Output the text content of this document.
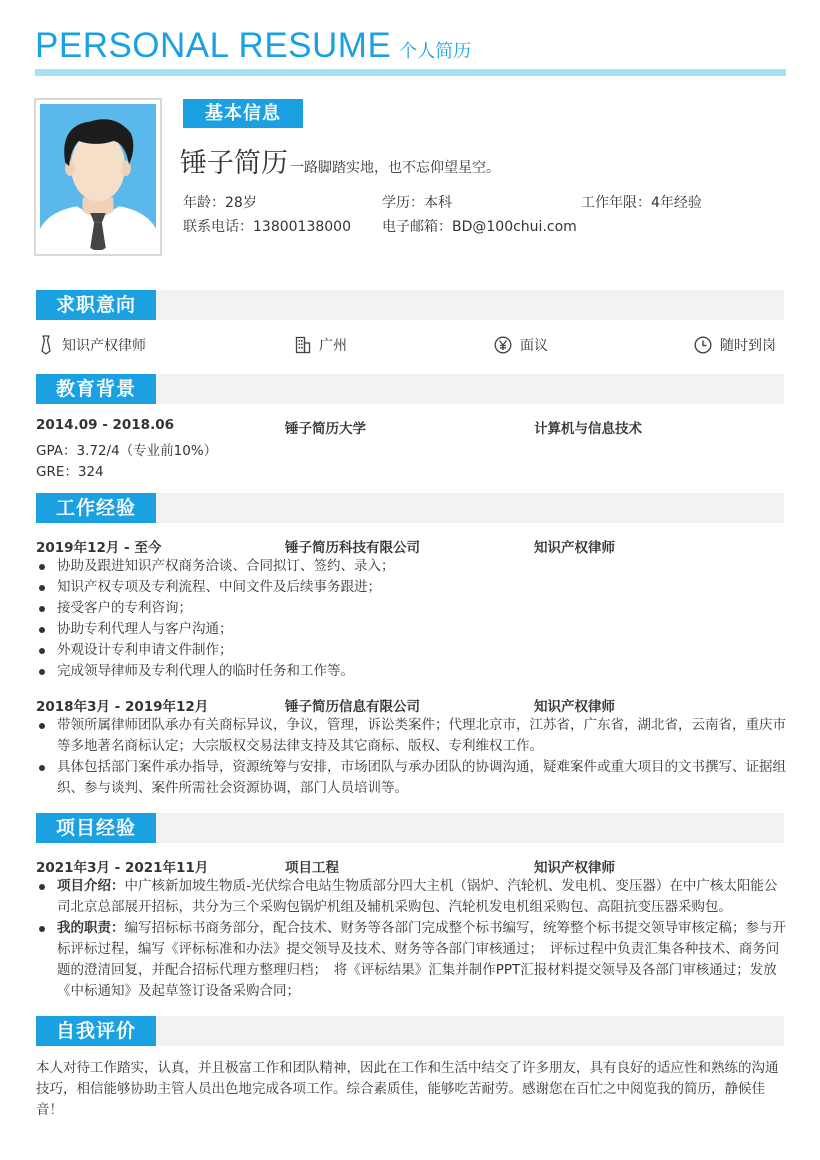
PERSONAL RESUME 个人简历
基本信息
锤子简历 一路脚踏实地，也不忘仰望星空。
年龄：28岁	学历：本科	工作年限：4年经验
联系电话：13800138000 电子邮箱：BD@100chui.com
求职意向
知识产权律师	广州	面议	随时到岗
教育背景
2014.09 - 2018.06	锤子简历大学	计算机与信息技术
GPA：3.72/4（专业前10%）
GRE：324
工作经验
2019年12月 - 至今	锤子简历科技有限公司	知识产权律师
协助及跟进知识产权商务洽谈、合同拟订、签约、录入；
知识产权专项及专利流程、中间文件及后续事务跟进；
接受客户的专利咨询；
协助专利代理人与客户沟通；
外观设计专利申请文件制作；
完成领导律师及专利代理人的临时任务和工作等。
2018年3月 - 2019年12月	锤子简历信息有限公司	知识产权律师
带领所属律师团队承办有关商标异议，争议，管理，诉讼类案件；代理北京市，江苏省，广东省，湖北省，云南省，重庆市等多地著名商标认定；大宗版权交易法律支持及其它商标、版权、专利维权工作。
具体包括部门案件承办指导，资源统筹与安排，市场团队与承办团队的协调沟通，疑难案件或重大项目的文书撰写、证据组织、参与谈判、案件所需社会资源协调，部门人员培训等。
项目经验
2021年3月 - 2021年11月	项目工程	知识产权律师
项目介绍：中广核新加坡生物质-光伏综合电站生物质部分四大主机（锅炉、汽轮机、发电机、变压器）在中广核太阳能公司北京总部展开招标，共分为三个采购包锅炉机组及辅机采购包、汽轮机发电机组采购包、高阻抗变压器采购包。
我的职责：编写招标标书商务部分，配合技术、财务等各部门完成整个标书编写，统筹整个标书提交领导审核定稿；参与开标评标过程，编写《评标标准和办法》提交领导及技术、财务等各部门审核通过；　评标过程中负责汇集各种技术、商务问题的澄清回复，并配合招标代理方整理归档；　将《评标结果》汇集并制作PPT汇报材料提交领导及各部门审核通过；发放《中标通知》及起草签订设备采购合同；
自我评价
本人对待工作踏实，认真，并且极富工作和团队精神，因此在工作和生活中结交了许多朋友，具有良好的适应性和熟练的沟通技巧，相信能够协助主管人员出色地完成各项工作。综合素质佳，能够吃苦耐劳。感谢您在百忙之中阅览我的简历，静候佳音！
